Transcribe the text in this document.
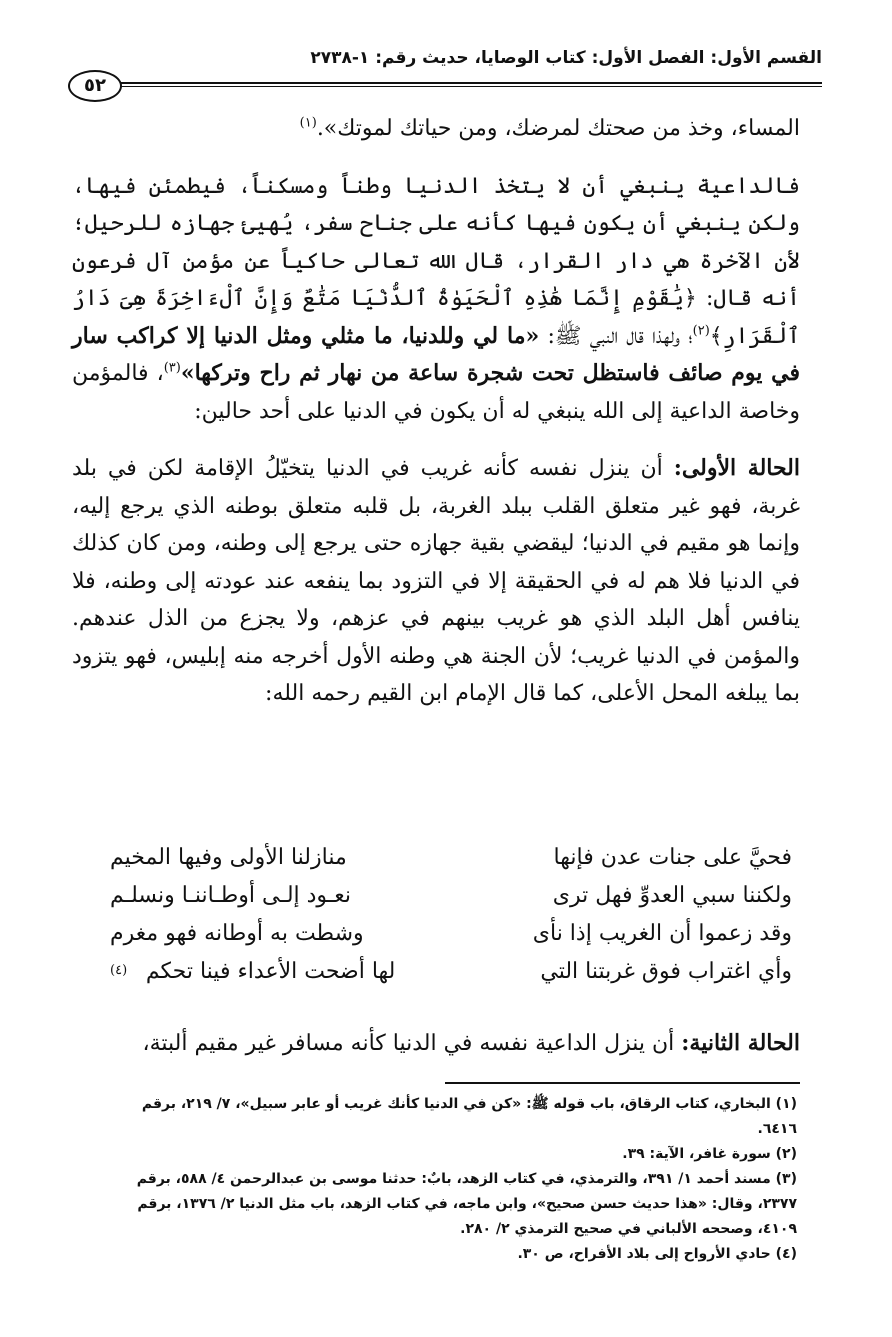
القسم الأول: الفصل الأول: كتاب الوصايا، حديث رقم: ١-٢٧٣٨
٥٢

المساء، وخذ من صحتك لمرضك، ومن حياتك لموتك».$^{(١)}$

فالداعية ينبغي أن لا يتخذ الدنيا وطناً ومسكناً، فيطمئن فيها، ولكن ينبغي أن يكون فيها كأنه على جناح سفر، يُهيئ جهازه للرحيل؛ لأن الآخرة هي دار القرار، قال الله تعالى حاكياً عن مؤمن آل فرعون أنه قال: ﴿يَٰقَوْمِ إِنَّمَا هَٰذِهِ ٱلْحَيَوٰةُ ٱلدُّنْيَا مَتَٰعٌ وَإِنَّ ٱلْءَاخِرَةَ هِىَ دَارُ ٱلْقَرَارِ﴾$^{(٢)}$؛ ولهذا قال النبي ﷺ: «ما لي وللدنيا، ما مثلي ومثل الدنيا إلا كراكب سار في يوم صائف فاستظل تحت شجرة ساعة من نهار ثم راح وتركها»$^{(٣)}$، فالمؤمن وخاصة الداعية إلى الله ينبغي له أن يكون في الدنيا على أحد حالين:

الحالة الأولى: أن ينزل نفسه كأنه غريب في الدنيا يتخيّلُ الإقامة لكن في بلد غربة، فهو غير متعلق القلب ببلد الغربة، بل قلبه متعلق بوطنه الذي يرجع إليه، وإنما هو مقيم في الدنيا؛ ليقضي بقية جهازه حتى يرجع إلى وطنه، ومن كان كذلك في الدنيا فلا هم له في الحقيقة إلا في التزود بما ينفعه عند عودته إلى وطنه، فلا ينافس أهل البلد الذي هو غريب بينهم في عزهم، ولا يجزع من الذل عندهم. والمؤمن في الدنيا غريب؛ لأن الجنة هي وطنه الأول أخرجه منه إبليس، فهو يتزود بما يبلغه المحل الأعلى، كما قال الإمام ابن القيم رحمه الله:

فحيَّ على جنات عدن فإنها
منازلنا الأولى وفيها المخيم
ولكننا سبي العدوِّ فهل ترى
نعـود إلـى أوطـاننـا ونسلـم
وقد زعموا أن الغريب إذا نأى
وشطت به أوطانه فهو مغرم
وأي اغتراب فوق غربتنا التي
لها أضحت الأعداء فينا تحكم
(٤)
الحالة الثانية: أن ينزل الداعية نفسه في الدنيا كأنه مسافر غير مقيم ألبتة،

(١) البخاري، كتاب الرقاق، باب قوله ﷺ: «كن في الدنيا كأنك غريب أو عابر سبيل»، ٧/ ٢١٩، برقم ٦٤١٦.

(٢) سورة غافر، الآية: ٣٩.

(٣) مسند أحمد ١/ ٣٩١، والترمذي، في كتاب الزهد، بابٌ: حدثنا موسى بن عبدالرحمن ٤/ ٥٨٨، برقم ٢٣٧٧، وقال: «هذا حديث حسن صحيح»، وابن ماجه، في كتاب الزهد، باب مثل الدنيا ٢/ ١٣٧٦، برقم ٤١٠٩، وصححه الألباني في صحيح الترمذي ٢/ ٢٨٠.

(٤) حادي الأرواح إلى بلاد الأفراح، ص ٣٠.
